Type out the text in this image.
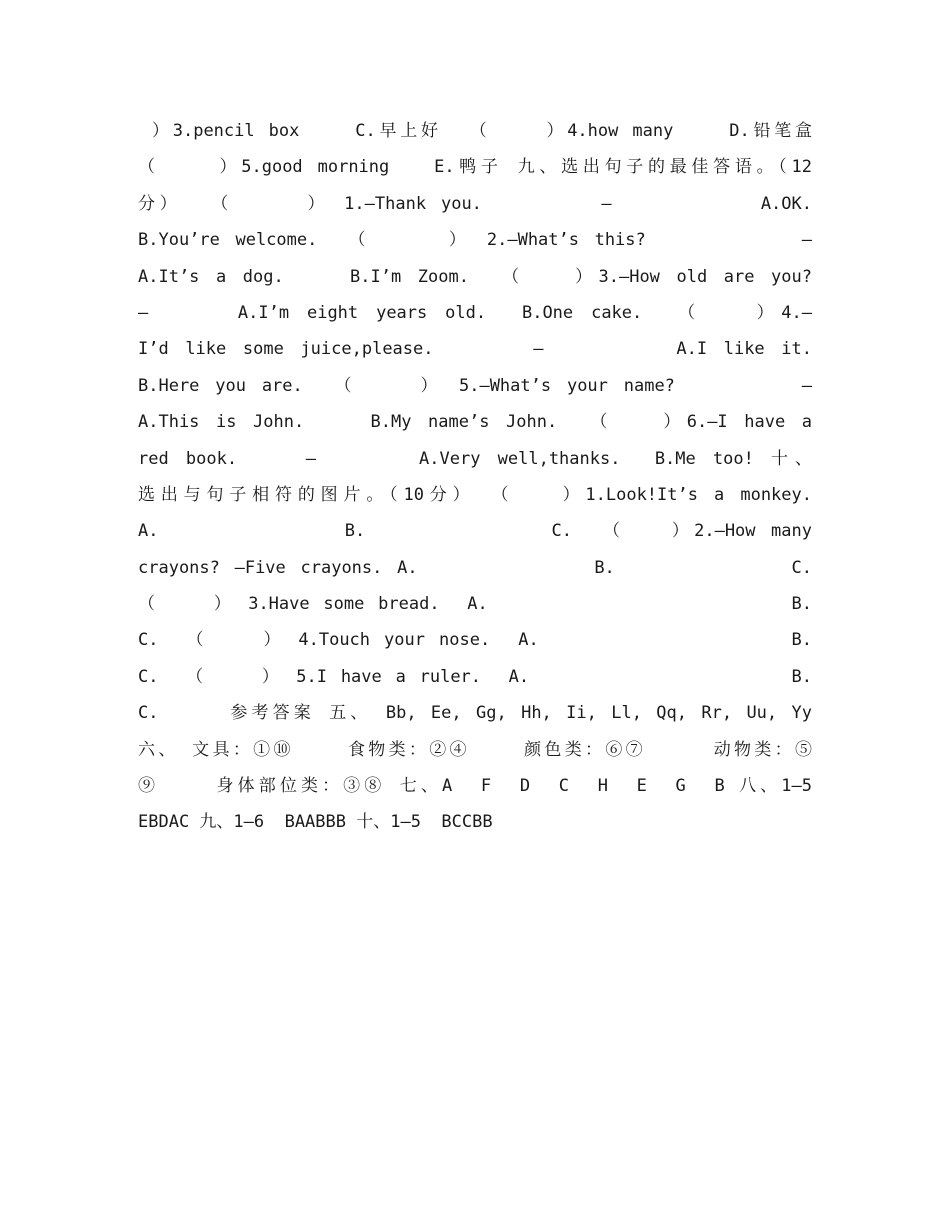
）3.pencil box    C.早上好  （    ）4.how many    D.铅笔盒
（    ）5.good morning   E.鸭子 九、选出句子的最佳答语。（12
分）  （     ） 1.—Thank you.        —          A.OK.
B.You’re welcome.  （     ） 2.—What’s this?          —
A.It’s a dog.    B.I’m Zoom.  （   ）3.—How old are you?
—     A.I’m eight years old.  B.One cake.  （   ）4.—
I’d like some juice,please.      —        A.I like it.
B.Here you are.  （    ） 5.—What’s your name?        —
A.This is John.    B.My name’s John.  （   ）6.—I have a
red book.    —      A.Very well,thanks.  B.Me too! 十、
选出与句子相符的图片。（10分） （   ）1.Look!It’s a monkey.
A.            B.            C.  （   ）2.—How many
crayons? —Five crayons. A.            B.            C.
（    ） 3.Have some bread.  A.                      B.
C.  （    ） 4.Touch your nose.  A.                  B.
C.  （    ） 5.I have a ruler.  A.                   B.
C.     参考答案 五、 Bb, Ee, Gg, Hh, Ii, Ll, Qq, Rr, Uu, Yy
六、 文具：①⑩    食物类：②④    颜色类：⑥⑦     动物类：⑤
⑨    身体部位类：③⑧ 七、A  F  D  C  H  E  G  B 八、1—5
EBDAC 九、1—6  BAABBB 十、1—5  BCCBB
